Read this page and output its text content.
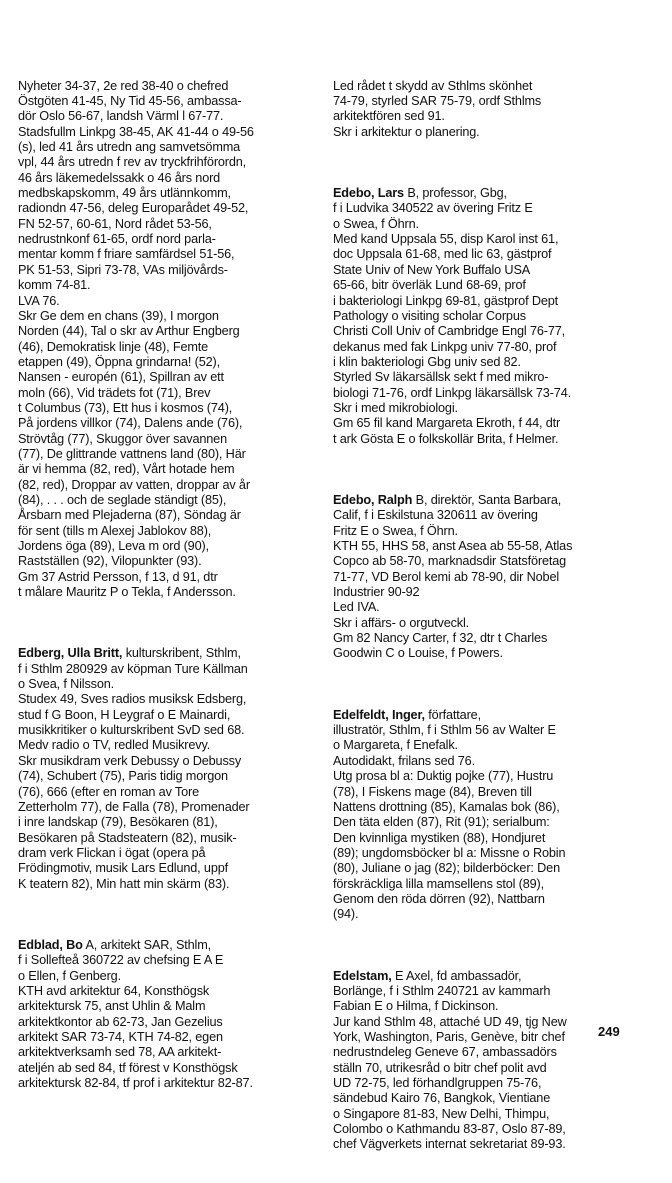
Nyheter 34-37, 2e red 38-40 o chefred
Östgöten 41-45, Ny Tid 45-56, ambassa-
dör Oslo 56-67, landsh Värml l 67-77.
Stadsfullm Linkpg 38-45, AK 41-44 o 49-56
(s), led 41 års utredn ang samvetsömma
vpl, 44 års utredn f rev av tryckfrihförordn,
46 års läkemedelssakk o 46 års nord
medbskapskomm, 49 års utlännkomm,
radiondn 47-56, deleg Europarådet 49-52,
FN 52-57, 60-61, Nord rådet 53-56,
nedrustnkonf 61-65, ordf nord parla-
mentar komm f friare samfärdsel 51-56,
PK 51-53, Sipri 73-78, VAs miljövårds-
komm 74-81.
LVA 76.
Skr Ge dem en chans (39), I morgon
Norden (44), Tal o skr av Arthur Engberg
(46), Demokratisk linje (48), Femte
etappen (49), Öppna grindarna! (52),
Nansen - europén (61), Spillran av ett
moln (66), Vid trädets fot (71), Brev
t Columbus (73), Ett hus i kosmos (74),
På jordens villkor (74), Dalens ande (76),
Strövtåg (77), Skuggor över savannen
(77), De glittrande vattnens land (80), Här
är vi hemma (82, red), Vårt hotade hem
(82, red), Droppar av vatten, droppar av år
(84), . . . och de seglade ständigt (85),
Årsbarn med Plejaderna (87), Söndag är
för sent (tills m Alexej Jablokov 88),
Jordens öga (89), Leva m ord (90),
Rastställen (92), Vilopunkter (93).
Gm 37 Astrid Persson, f 13, d 91, dtr
t målare Mauritz P o Tekla, f Andersson.

Edberg, Ulla Britt, kulturskribent, Sthlm,
f i Sthlm 280929 av köpman Ture Källman
o Svea, f Nilsson.
Studex 49, Sves radios musiksk Edsberg,
stud f G Boon, H Leygraf o E Mainardi,
musikkritiker o kulturskribent SvD sed 68.
Medv radio o TV, redled Musikrevy.
Skr musikdram verk Debussy o Debussy
(74), Schubert (75), Paris tidig morgon
(76), 666 (efter en roman av Tore
Zetterholm 77), de Falla (78), Promenader
i inre landskap (79), Besökaren (81),
Besökaren på Stadsteatern (82), musik-
dram verk Flickan i ögat (opera på
Frödingmotiv, musik Lars Edlund, uppf
K teatern 82), Min hatt min skärm (83).

Edblad, Bo A, arkitekt SAR, Sthlm,
f i Sollefteå 360722 av chefsing E A E
o Ellen, f Genberg.
KTH avd arkitektur 64, Konsthögsk
arkitektursk 75, anst Uhlin & Malm
arkitektkontor ab 62-73, Jan Gezelius
arkitekt SAR 73-74, KTH 74-82, egen
arkitektverksamh sed 78, AA arkitekt-
ateljén ab sed 84, tf förest v Konsthögsk
arkitektursk 82-84, tf prof i arkitektur 82-87.

Led rådet t skydd av Sthlms skönhet
74-79, styrled SAR 75-79, ordf Sthlms
arkitektfören sed 91.
Skr i arkitektur o planering.

Edebo, Lars B, professor, Gbg,
f i Ludvika 340522 av övering Fritz E
o Swea, f Öhrn.
Med kand Uppsala 55, disp Karol inst 61,
doc Uppsala 61-68, med lic 63, gästprof
State Univ of New York Buffalo USA
65-66, bitr överläk Lund 68-69, prof
i bakteriologi Linkpg 69-81, gästprof Dept
Pathology o visiting scholar Corpus
Christi Coll Univ of Cambridge Engl 76-77,
dekanus med fak Linkpg univ 77-80, prof
i klin bakteriologi Gbg univ sed 82.
Styrled Sv läkarsällsk sekt f med mikro-
biologi 71-76, ordf Linkpg läkarsällsk 73-74.
Skr i med mikrobiologi.
Gm 65 fil kand Margareta Ekroth, f 44, dtr
t ark Gösta E o folkskollär Brita, f Helmer.

Edebo, Ralph B, direktör, Santa Barbara,
Calif, f i Eskilstuna 320611 av övering
Fritz E o Swea, f Öhrn.
KTH 55, HHS 58, anst Asea ab 55-58, Atlas
Copco ab 58-70, marknadsdir Statsföretag
71-77, VD Berol kemi ab 78-90, dir Nobel
Industrier 90-92
Led IVA.
Skr i affärs- o orgutveckl.
Gm 82 Nancy Carter, f 32, dtr t Charles
Goodwin C o Louise, f Powers.

Edelfeldt, Inger, författare,
illustratör, Sthlm, f i Sthlm 56 av Walter E
o Margareta, f Enefalk.
Autodidakt, frilans sed 76.
Utg prosa bl a: Duktig pojke (77), Hustru
(78), I Fiskens mage (84), Breven till
Nattens drottning (85), Kamalas bok (86),
Den täta elden (87), Rit (91); serialbum:
Den kvinnliga mystiken (88), Hondjuret
(89); ungdomsböcker bl a: Missne o Robin
(80), Juliane o jag (82); bilderböcker: Den
förskräckliga lilla mamsellens stol (89),
Genom den röda dörren (92), Nattbarn
(94).

Edelstam, E Axel, fd ambassadör,
Borlänge, f i Sthlm 240721 av kammarh
Fabian E o Hilma, f Dickinson.
Jur kand Sthlm 48, attaché UD 49, tjg New
York, Washington, Paris, Genève, bitr chef
nedrustndeleg Geneve 67, ambassadörs
ställn 70, utrikesråd o bitr chef polit avd
UD 72-75, led förhandlgruppen 75-76,
sändebud Kairo 76, Bangkok, Vientiane
o Singapore 81-83, New Delhi, Thimpu,
Colombo o Kathmandu 83-87, Oslo 87-89,
chef Vägverkets internat sekretariat 89-93.

249
